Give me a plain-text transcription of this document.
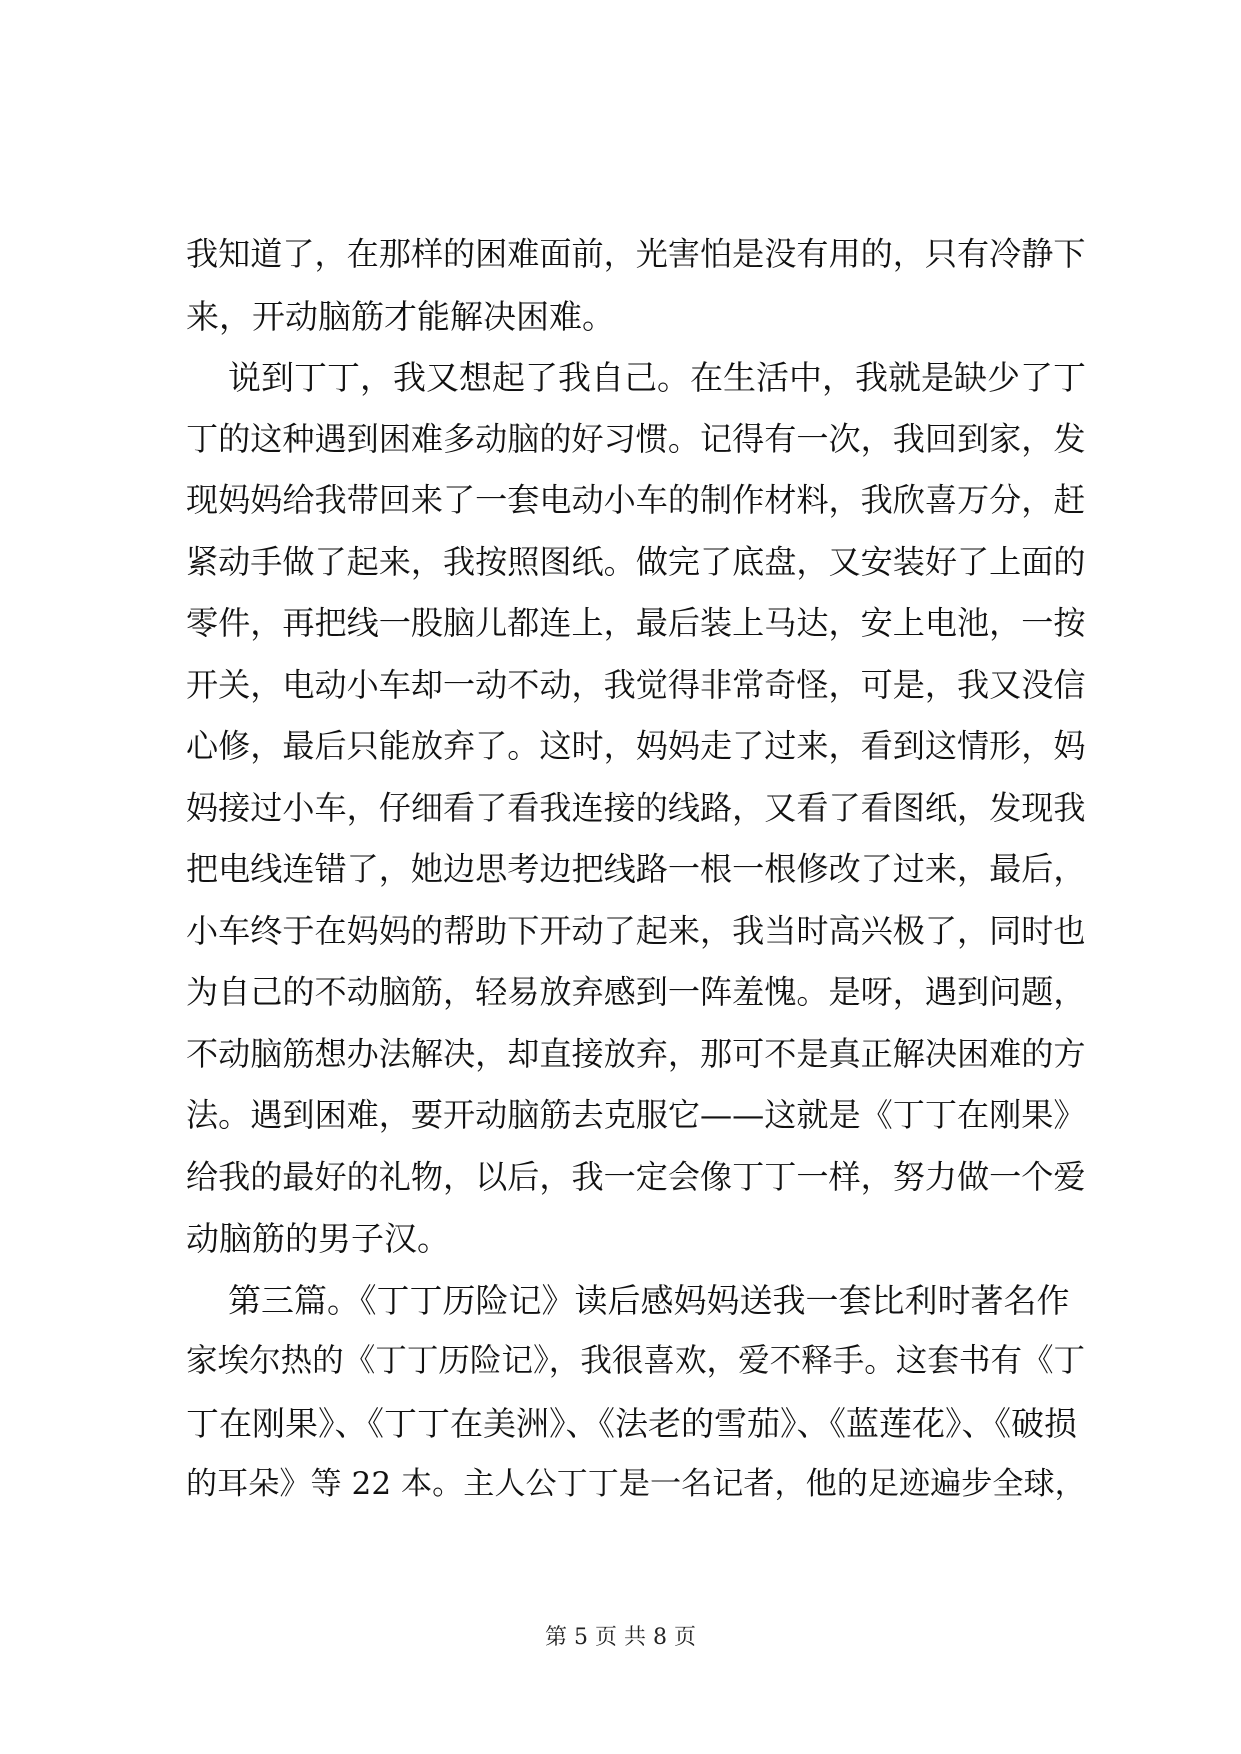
我知道了，在那样的困难面前，光害怕是没有用的，只有冷静下
来，开动脑筋才能解决困难。
说到丁丁，我又想起了我自己。在生活中，我就是缺少了丁
丁的这种遇到困难多动脑的好习惯。记得有一次，我回到家，发
现妈妈给我带回来了一套电动小车的制作材料，我欣喜万分，赶
紧动手做了起来，我按照图纸。做完了底盘，又安装好了上面的
零件，再把线一股脑儿都连上，最后装上马达，安上电池，一按
开关，电动小车却一动不动，我觉得非常奇怪，可是，我又没信
心修，最后只能放弃了。这时，妈妈走了过来，看到这情形，妈
妈接过小车，仔细看了看我连接的线路，又看了看图纸，发现我
把电线连错了，她边思考边把线路一根一根修改了过来，最后，
小车终于在妈妈的帮助下开动了起来，我当时高兴极了，同时也
为自己的不动脑筋，轻易放弃感到一阵羞愧。是呀，遇到问题，
不动脑筋想办法解决，却直接放弃，那可不是真正解决困难的方
法。遇到困难，要开动脑筋去克服它——这就是《丁丁在刚果》
给我的最好的礼物，以后，我一定会像丁丁一样，努力做一个爱
动脑筋的男子汉。
第三篇。《丁丁历险记》读后感妈妈送我一套比利时著名作
家埃尔热的《丁丁历险记》，我很喜欢，爱不释手。这套书有《丁
丁在刚果》、《丁丁在美洲》、《法老的雪茄》、《蓝莲花》、《破损
的耳朵》等 22 本。主人公丁丁是一名记者，他的足迹遍步全球，
第 5 页 共 8 页
